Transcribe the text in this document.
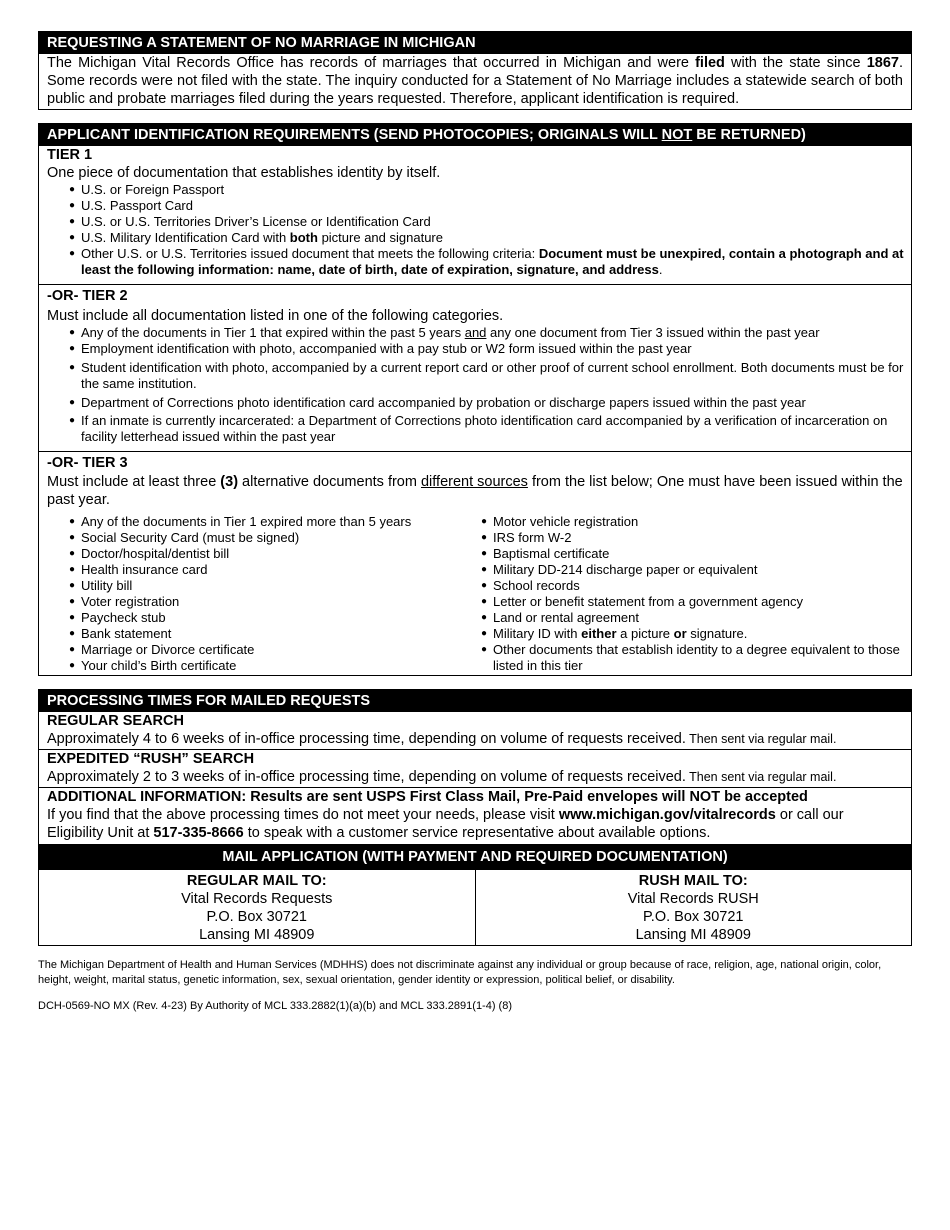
REQUESTING A STATEMENT OF NO MARRIAGE IN MICHIGAN
The Michigan Vital Records Office has records of marriages that occurred in Michigan and were filed with the state since 1867. Some records were not filed with the state. The inquiry conducted for a Statement of No Marriage includes a statewide search of both public and probate marriages filed during the years requested. Therefore, applicant identification is required.
APPLICANT IDENTIFICATION REQUIREMENTS (SEND PHOTOCOPIES; ORIGINALS WILL NOT BE RETURNED)
TIER 1
One piece of documentation that establishes identity by itself.
● U.S. or Foreign Passport
● U.S. Passport Card
● U.S. or U.S. Territories Driver’s License or Identification Card
● U.S. Military Identification Card with both picture and signature
● Other U.S. or U.S. Territories issued document that meets the following criteria: Document must be unexpired, contain a photograph and at least the following information: name, date of birth, date of expiration, signature, and address.
-OR- TIER 2
Must include all documentation listed in one of the following categories.
● Any of the documents in Tier 1 that expired within the past 5 years and any one document from Tier 3 issued within the past year
● Employment identification with photo, accompanied with a pay stub or W2 form issued within the past year
● Student identification with photo, accompanied by a current report card or other proof of current school enrollment. Both documents must be for the same institution.
● Department of Corrections photo identification card accompanied by probation or discharge papers issued within the past year
● If an inmate is currently incarcerated: a Department of Corrections photo identification card accompanied by a verification of incarceration on facility letterhead issued within the past year
-OR- TIER 3
Must include at least three (3) alternative documents from different sources from the list below; One must have been issued within the past year.
● Any of the documents in Tier 1 expired more than 5 years
● Social Security Card (must be signed)
● Doctor/hospital/dentist bill
● Health insurance card
● Utility bill
● Voter registration
● Paycheck stub
● Bank statement
● Marriage or Divorce certificate
● Your child’s Birth certificate
● Motor vehicle registration
● IRS form W-2
● Baptismal certificate
● Military DD-214 discharge paper or equivalent
● School records
● Letter or benefit statement from a government agency
● Land or rental agreement
● Military ID with either a picture or signature.
● Other documents that establish identity to a degree equivalent to those listed in this tier
PROCESSING TIMES FOR MAILED REQUESTS
REGULAR SEARCH
Approximately 4 to 6 weeks of in-office processing time, depending on volume of requests received. Then sent via regular mail.
EXPEDITED “RUSH” SEARCH
Approximately 2 to 3 weeks of in-office processing time, depending on volume of requests received. Then sent via regular mail.
ADDITIONAL INFORMATION: Results are sent USPS First Class Mail, Pre-Paid envelopes will NOT be accepted
If you find that the above processing times do not meet your needs, please visit www.michigan.gov/vitalrecords or call our Eligibility Unit at 517-335-8666 to speak with a customer service representative about available options.
MAIL APPLICATION (WITH PAYMENT AND REQUIRED DOCUMENTATION)
REGULAR MAIL TO:
Vital Records Requests
P.O. Box 30721
Lansing MI 48909
RUSH MAIL TO:
Vital Records RUSH
P.O. Box 30721
Lansing MI 48909
The Michigan Department of Health and Human Services (MDHHS) does not discriminate against any individual or group because of race, religion, age, national origin, color, height, weight, marital status, genetic information, sex, sexual orientation, gender identity or expression, political belief, or disability.
DCH-0569-NO MX (Rev. 4-23) By Authority of MCL 333.2882(1)(a)(b) and MCL 333.2891(1-4) (8)
